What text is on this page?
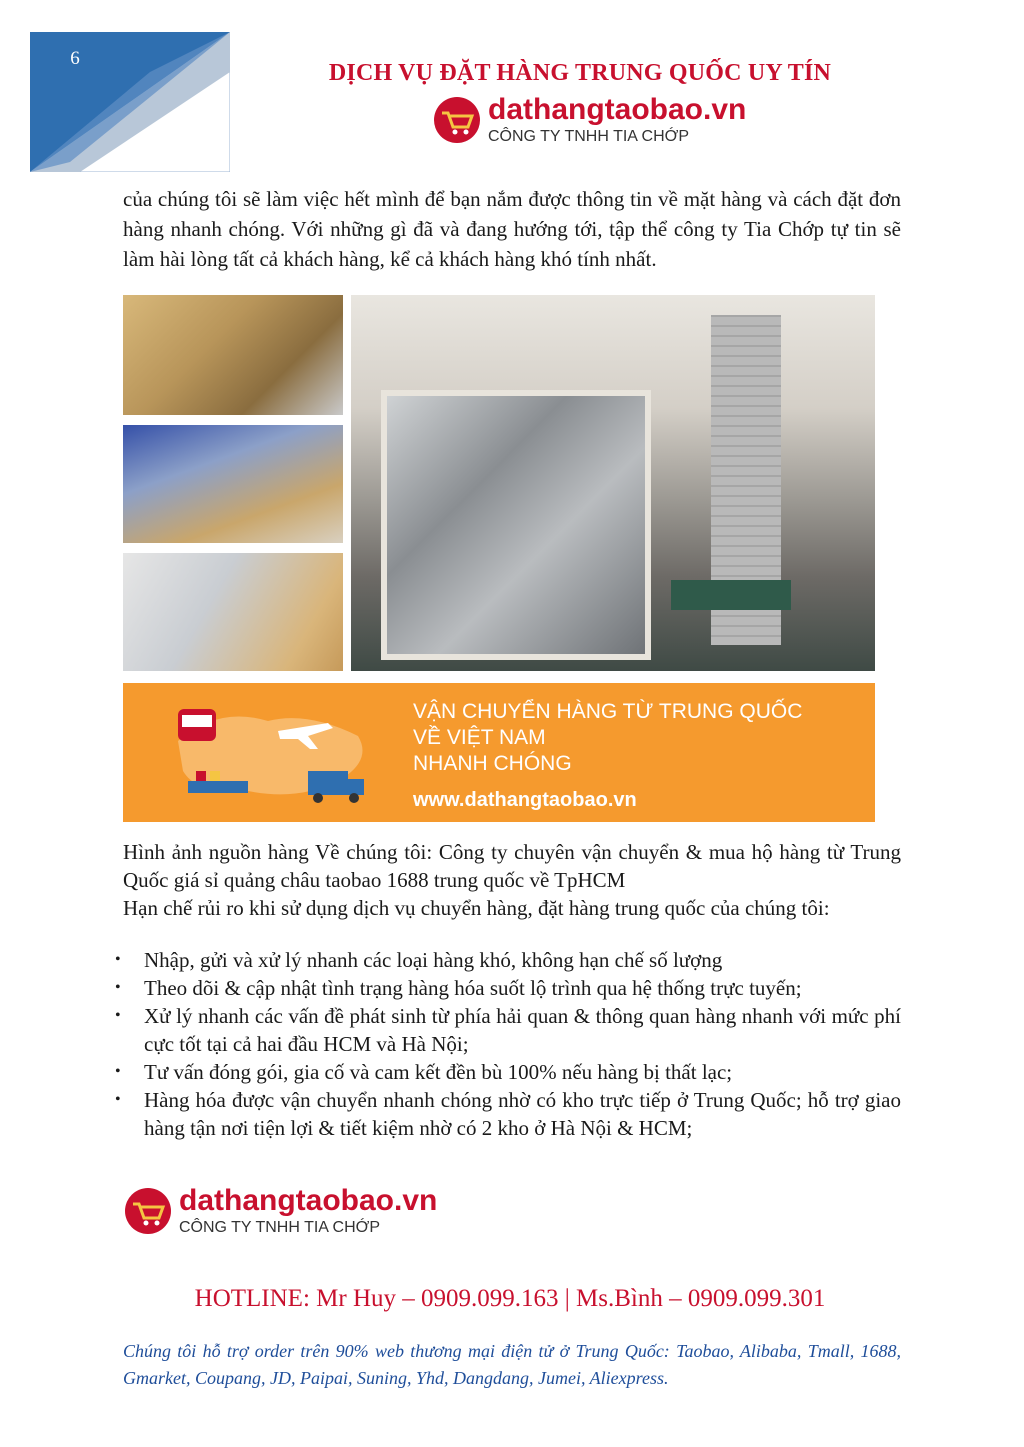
6
DỊCH VỤ ĐẶT HÀNG TRUNG QUỐC UY TÍN
dathangtaobao.vn
CÔNG TY TNHH TIA CHỚP

của chúng tôi sẽ làm việc hết mình để bạn nắm được thông tin về mặt hàng và cách đặt đơn hàng nhanh chóng. Với những gì đã và đang hướng tới, tập thể công ty Tia Chớp tự tin sẽ làm hài lòng tất cả khách hàng, kể cả khách hàng khó tính nhất.

VẬN CHUYỂN HÀNG TỪ TRUNG QUỐC
VỀ VIỆT NAM
NHANH CHÓNG
www.dathangtaobao.vn
Hình ảnh nguồn hàng Về chúng tôi: Công ty chuyên vận chuyển & mua hộ hàng từ Trung Quốc giá sỉ quảng châu taobao 1688 trung quốc về TpHCM
Hạn chế rủi ro khi sử dụng dịch vụ chuyển hàng, đặt hàng trung quốc của chúng tôi:
• Nhập, gửi và xử lý nhanh các loại hàng khó, không hạn chế số lượng
• Theo dõi & cập nhật tình trạng hàng hóa suốt lộ trình qua hệ thống trực tuyến;
• Xử lý nhanh các vấn đề phát sinh từ phía hải quan & thông quan hàng nhanh với mức phí cực tốt tại cả hai đầu HCM và Hà Nội;
• Tư vấn đóng gói, gia cố và cam kết đền bù 100% nếu hàng bị thất lạc;
• Hàng hóa được vận chuyển nhanh chóng nhờ có kho trực tiếp ở Trung Quốc; hỗ trợ giao hàng tận nơi tiện lợi & tiết kiệm nhờ có 2 kho ở Hà Nội & HCM;
dathangtaobao.vn
CÔNG TY TNHH TIA CHỚP
HOTLINE: Mr Huy – 0909.099.163 | Ms.Bình – 0909.099.301
Chúng tôi hỗ trợ order trên 90% web thương mại điện tử ở Trung Quốc: Taobao, Alibaba, Tmall, 1688, Gmarket, Coupang, JD, Paipai, Suning, Yhd, Dangdang, Jumei, Aliexpress.
